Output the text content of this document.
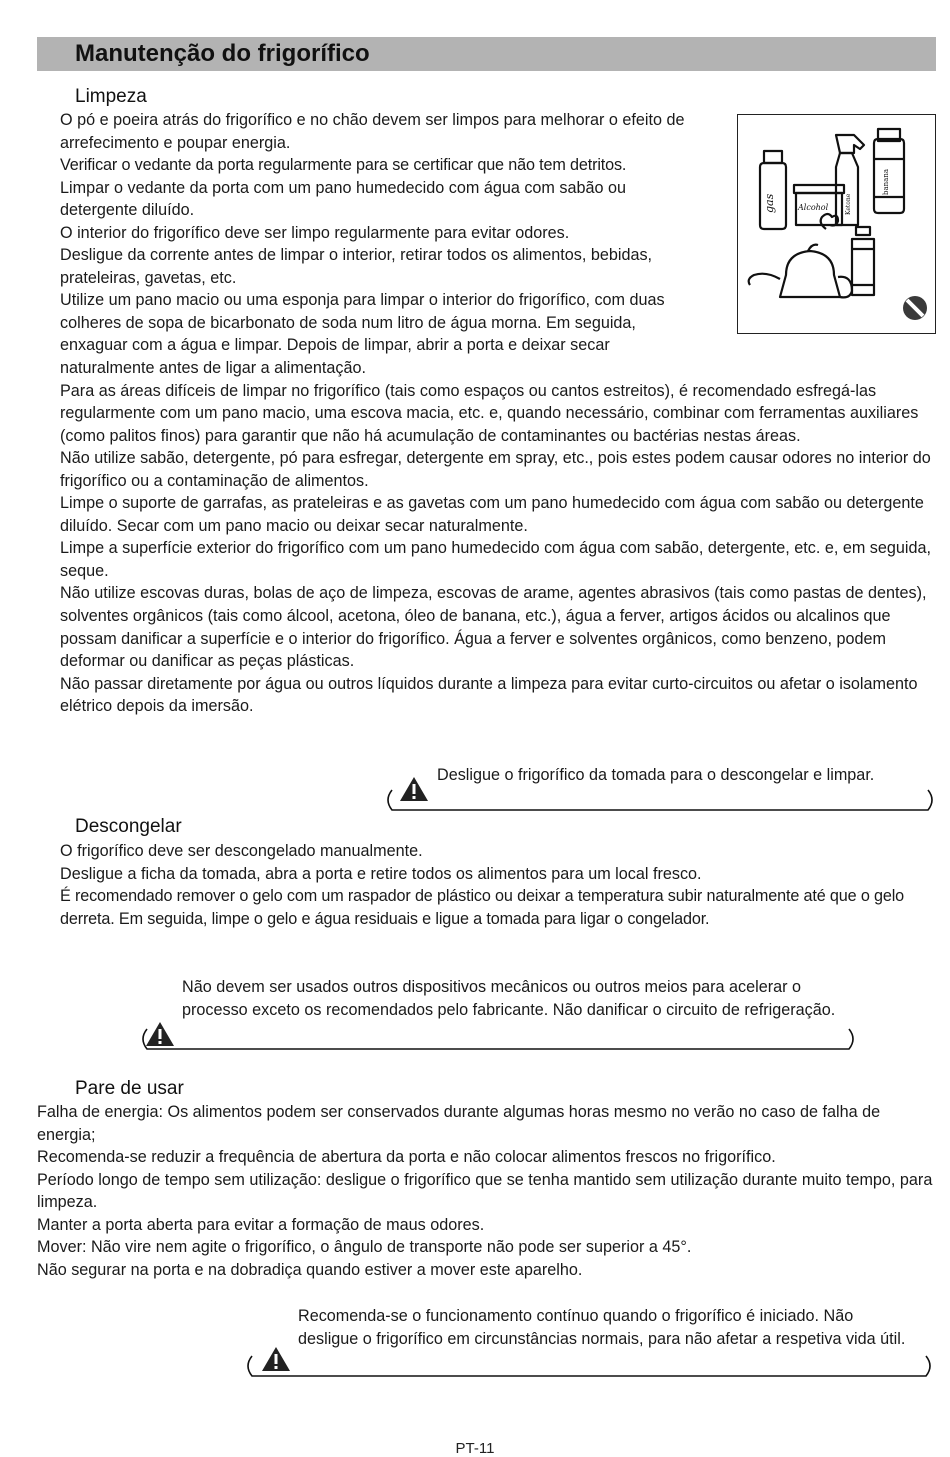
Manutenção do frigorífico
Limpeza

O pó e poeira atrás do frigorífico e no chão devem ser limpos para melhorar o efeito de arrefecimento e poupar energia.

Verificar o vedante da porta regularmente para se certificar que não tem detritos.

Limpar o vedante da porta com um pano humedecido com água com sabão ou detergente diluído.

O interior do frigorífico deve ser limpo regularmente para evitar odores.

Desligue da corrente antes de limpar o interior, retirar todos os alimentos, bebidas, prateleiras, gavetas, etc.

Utilize um pano macio ou uma esponja para limpar o interior do frigorífico, com duas colheres de sopa de bicarbonato de soda num litro de água morna. Em seguida, enxaguar com a água e limpar. Depois de limpar, abrir a porta e deixar secar naturalmente antes de ligar a alimentação.

Para as áreas difíceis de limpar no frigorífico (tais como espaços ou cantos estreitos), é recomendado esfregá-las regularmente com um pano macio, uma escova macia, etc. e, quando necessário, combinar com ferramentas auxiliares (como palitos finos) para garantir que não há acumulação de contaminantes ou bactérias nestas áreas.

Não utilize sabão, detergente, pó para esfregar, detergente em spray, etc., pois estes podem causar odores no interior do frigorífico ou a contaminação de alimentos.

Limpe o suporte de garrafas, as prateleiras e as gavetas com um pano humedecido com água com sabão ou detergente diluído. Secar com um pano macio ou deixar secar naturalmente.

Limpe a superfície exterior do frigorífico com um pano humedecido com água com sabão, detergente, etc. e, em seguida, seque.

Não utilize escovas duras, bolas de aço de limpeza, escovas de arame, agentes abrasivos (tais como pastas de dentes), solventes orgânicos (tais como álcool, acetona, óleo de banana, etc.), água a ferver, artigos ácidos ou alcalinos que possam danificar a superfície e o interior do frigorífico. Água a ferver e solventes orgânicos, como benzeno, podem deformar ou danificar as peças plásticas.

Não passar diretamente por água ou outros líquidos durante a limpeza para evitar curto-circuitos ou afetar o isolamento elétrico depois da imersão.

gas	Alcohol	Ketone
banana
Desligue o frigorífico da tomada para o descongelar e limpar.
Descongelar

O frigorífico deve ser descongelado manualmente.

Desligue a ficha da tomada, abra a porta e retire todos os alimentos para um local fresco.

É recomendado remover o gelo com um raspador de plástico ou deixar a temperatura subir naturalmente até que o gelo derreta. Em seguida, limpe o gelo e água residuais e ligue a tomada para ligar o congelador.

Não devem ser usados outros dispositivos mecânicos ou outros meios para acelerar o processo exceto os recomendados pelo fabricante. Não danificar o circuito de refrigeração.
Pare de usar

Falha de energia: Os alimentos podem ser conservados durante algumas horas mesmo no verão no caso de falha de energia;

Recomenda-se reduzir a frequência de abertura da porta e não colocar alimentos frescos no frigorífico.

Período longo de tempo sem utilização: desligue o frigorífico que se tenha mantido sem utilização durante muito tempo, para limpeza.

Manter a porta aberta para evitar a formação de maus odores.

Mover: Não vire nem agite o frigorífico, o ângulo de transporte não pode ser superior a 45°.

Não segurar na porta e na dobradiça quando estiver a mover este aparelho.

Recomenda-se o funcionamento contínuo quando o frigorífico é iniciado. Não desligue o frigorífico em circunstâncias normais, para não afetar a respetiva vida útil.
PT-11
